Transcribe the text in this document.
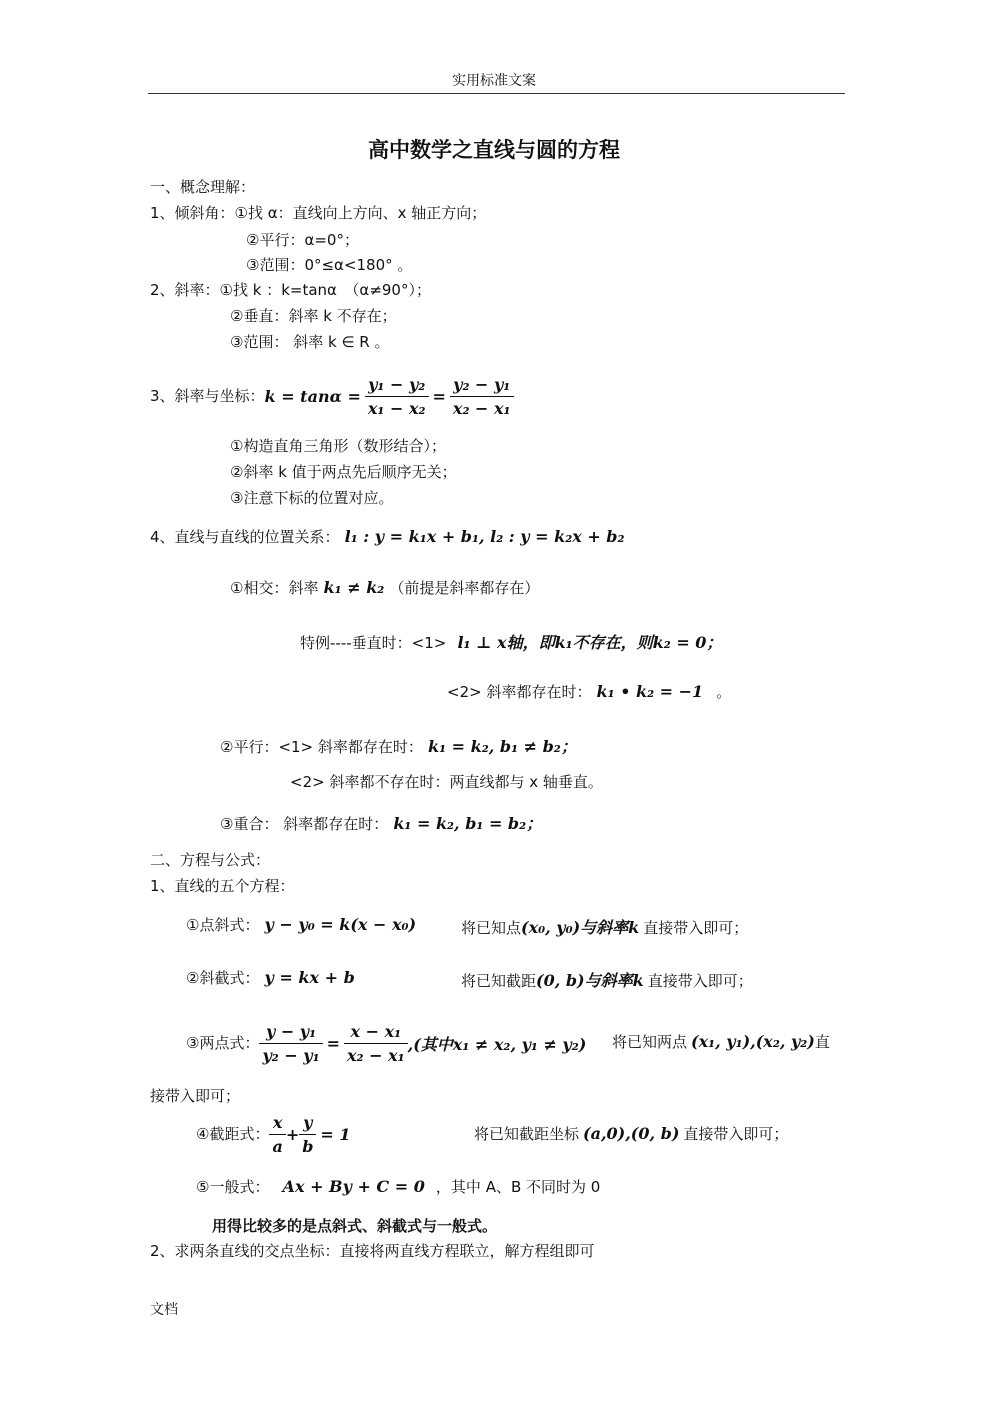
实用标准文案
高中数学之直线与圆的方程
一、概念理解：
1、倾斜角：①找 α：直线向上方向、x 轴正方向；
②平行：α=0°；
③范围：0°≤α<180° 。
2、斜率：①找 k ：k=tanα　（α≠90°）；
②垂直：斜率 k 不存在；
③范围： 斜率 k ∈ R 。
3、斜率与坐标： $k = \tan\alpha = \frac{\text{y₁ − y₂}}{\text{x₁ − x₂}} = \frac{\text{y₂ − y₁}}{\text{x₂ − x₁}}$
①构造直角三角形（数形结合）；
②斜率 k 值于两点先后顺序无关；
③注意下标的位置对应。
4、直线与直线的位置关系： l₁ : y = k₁x + b₁, l₂ : y = k₂x + b₂
①相交：斜率 k₁ ≠ k₂ （前提是斜率都存在）
特例----垂直时：<1> l₁ ⊥ x轴，即k₁不存在，则k₂ = 0；
<2> 斜率都存在时： k₁ • k₂ = −1 。
②平行：<1> 斜率都存在时： k₁ = k₂, b₁ ≠ b₂；
<2> 斜率都不存在时：两直线都与 x 轴垂直。
③重合： 斜率都存在时： k₁ = k₂, b₁ = b₂；
二、方程与公式：
1、直线的五个方程：
①点斜式： y − y₀ = k(x − x₀)	将已知点(x₀, y₀)与斜率k 直接带入即可；
②斜截式： y = kx + b	将已知截距(0, b)与斜率k 直接带入即可；
③两点式： $\frac{\text{y − y₁}}{\text{y₂ − y₁}} = \frac{\text{x − x₁}}{\text{x₂ − x₁}}$ ,(其中x₁ ≠ x₂, y₁ ≠ y₂) 将已知两点 (x₁, y₁),(x₂, y₂)直
接带入即可；
④截距式： $\frac{x}{a} + \frac{y}{b} = 1$	将已知截距坐标 (a,0),(0, b) 直接带入即可；
⑤一般式： Ax + By + C = 0 ，其中 A、B 不同时为 0
用得比较多的是点斜式、斜截式与一般式。
2、求两条直线的交点坐标：直接将两直线方程联立，解方程组即可
文档
